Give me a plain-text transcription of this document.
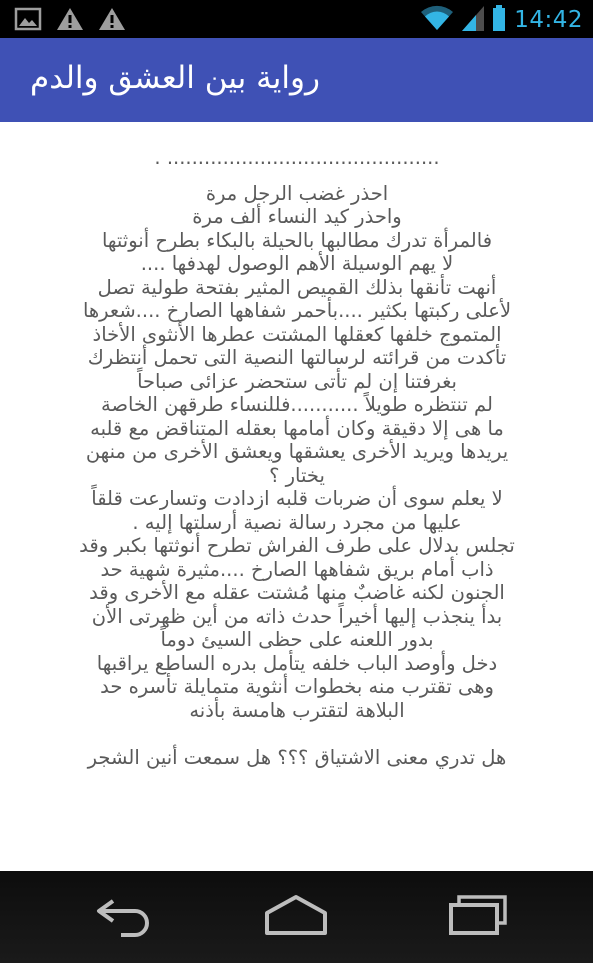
14:42
رواية بين العشق والدم
............................................ .
احذر غضب الرجل مرة
واحذر كيد النساء ألف مرة
فالمرأة تدرك مطالبها بالحيلة بالبكاء بطرح أنوثتها
لا يهم الوسيلة الأهم الوصول لهدفها ....
أنهت تأنقها بذلك القميص المثير بفتحة طولية تصل
لأعلى ركبتها بكثير ....بأحمر شفاهها الصارخ ....شعرها
المتموج خلفها كعقلها المشتت عطرها الأنثوى الأخاذ
تأكدت من قرائته لرسالتها النصية التى تحمل أنتظرك
بغرفتنا إن لم تأتى ستحضر عزائى صباحاً
لم تنتظره طويلاً ...........فللنساء طرقهن الخاصة
ما هى إلا دقيقة وكان أمامها بعقله المتناقض مع قلبه
يريدها ويريد الأخرى يعشقها ويعشق الأخرى من منهن
يختار ؟
لا يعلم سوى أن ضربات قلبه ازدادت وتسارعت قلقاً
عليها من مجرد رسالة نصية أرسلتها إليه .
تجلس بدلال على طرف الفراش تطرح أنوثتها بكبر وقد
ذاب أمام بريق شفاهها الصارخ ....مثيرة شهية حد
الجنون لكنه غاضبٌ منها مُشتت عقله مع الأخرى وقد
بدأ ينجذب إليها أخيراً حدث ذاته من أين ظهرتى الأن
بدور اللعنه على حظى السيئ دوماً
دخل وأوصد الباب خلفه يتأمل بدره الساطع يراقبها
وهى تقترب منه بخطوات أنثوية متمايلة تأسره حد
البلاهة لتقترب هامسة بأذنه
هل تدري معنى الاشتياق ؟؟؟ هل سمعت أنين الشجر
